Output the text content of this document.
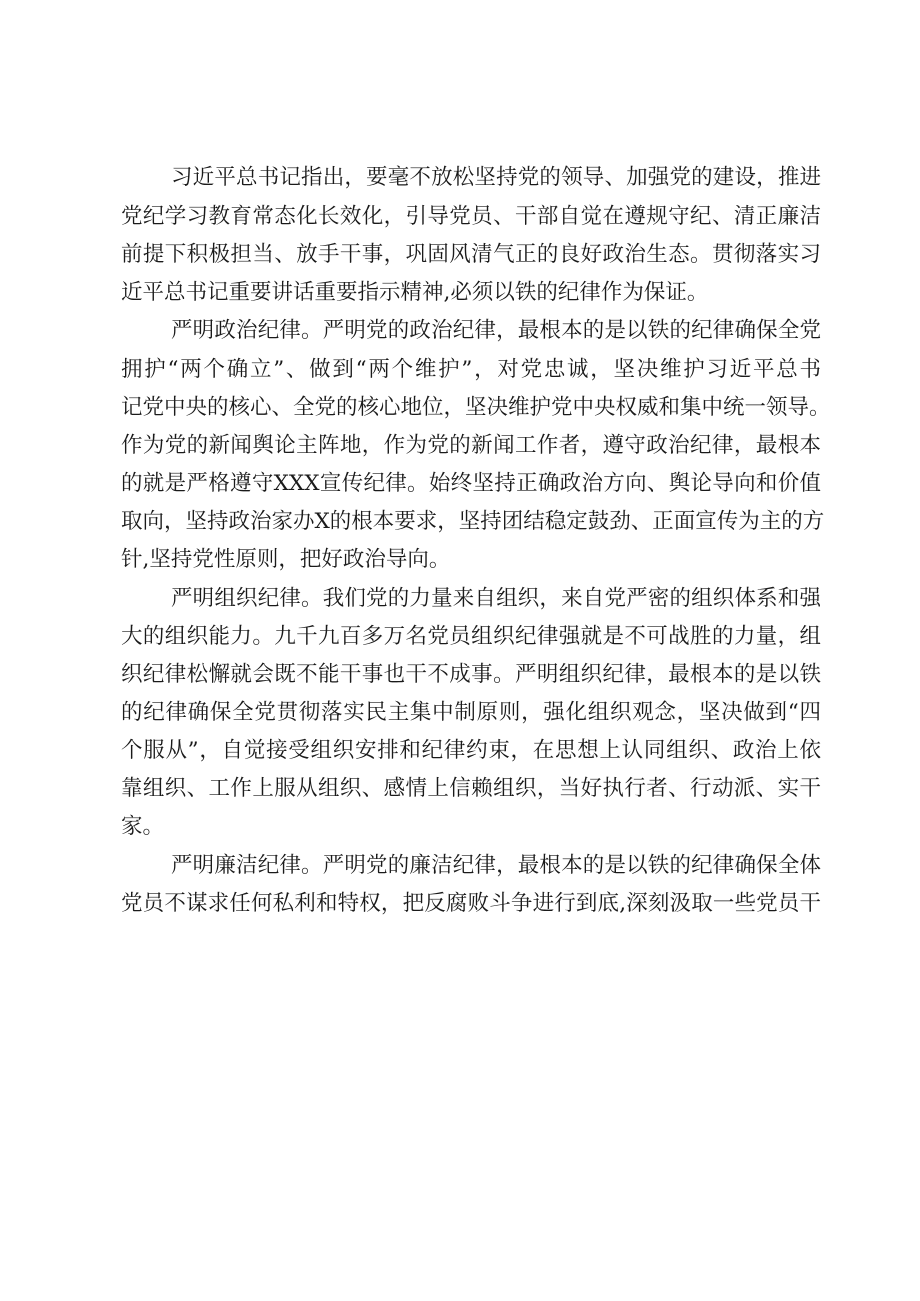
习近平总书记指出，要毫不放松坚持党的领导、加强党的建设，推进
党纪学习教育常态化长效化，引导党员、干部自觉在遵规守纪、清正廉洁
前提下积极担当、放手干事，巩固风清气正的良好政治生态。贯彻落实习
近平总书记重要讲话重要指示精神,必须以铁的纪律作为保证。
严明政治纪律。严明党的政治纪律，最根本的是以铁的纪律确保全党
拥护“两个确立”、做到“两个维护”，对党忠诚，坚决维护习近平总书
记党中央的核心、全党的核心地位，坚决维护党中央权威和集中统一领导。
作为党的新闻舆论主阵地，作为党的新闻工作者，遵守政治纪律，最根本
的就是严格遵守XXX宣传纪律。始终坚持正确政治方向、舆论导向和价值
取向，坚持政治家办X的根本要求，坚持团结稳定鼓劲、正面宣传为主的方
针,坚持党性原则，把好政治导向。
严明组织纪律。我们党的力量来自组织，来自党严密的组织体系和强
大的组织能力。九千九百多万名党员组织纪律强就是不可战胜的力量，组
织纪律松懈就会既不能干事也干不成事。严明组织纪律，最根本的是以铁
的纪律确保全党贯彻落实民主集中制原则，强化组织观念，坚决做到“四
个服从”，自觉接受组织安排和纪律约束，在思想上认同组织、政治上依
靠组织、工作上服从组织、感情上信赖组织，当好执行者、行动派、实干
家。
严明廉洁纪律。严明党的廉洁纪律，最根本的是以铁的纪律确保全体
党员不谋求任何私利和特权，把反腐败斗争进行到底,深刻汲取一些党员干
